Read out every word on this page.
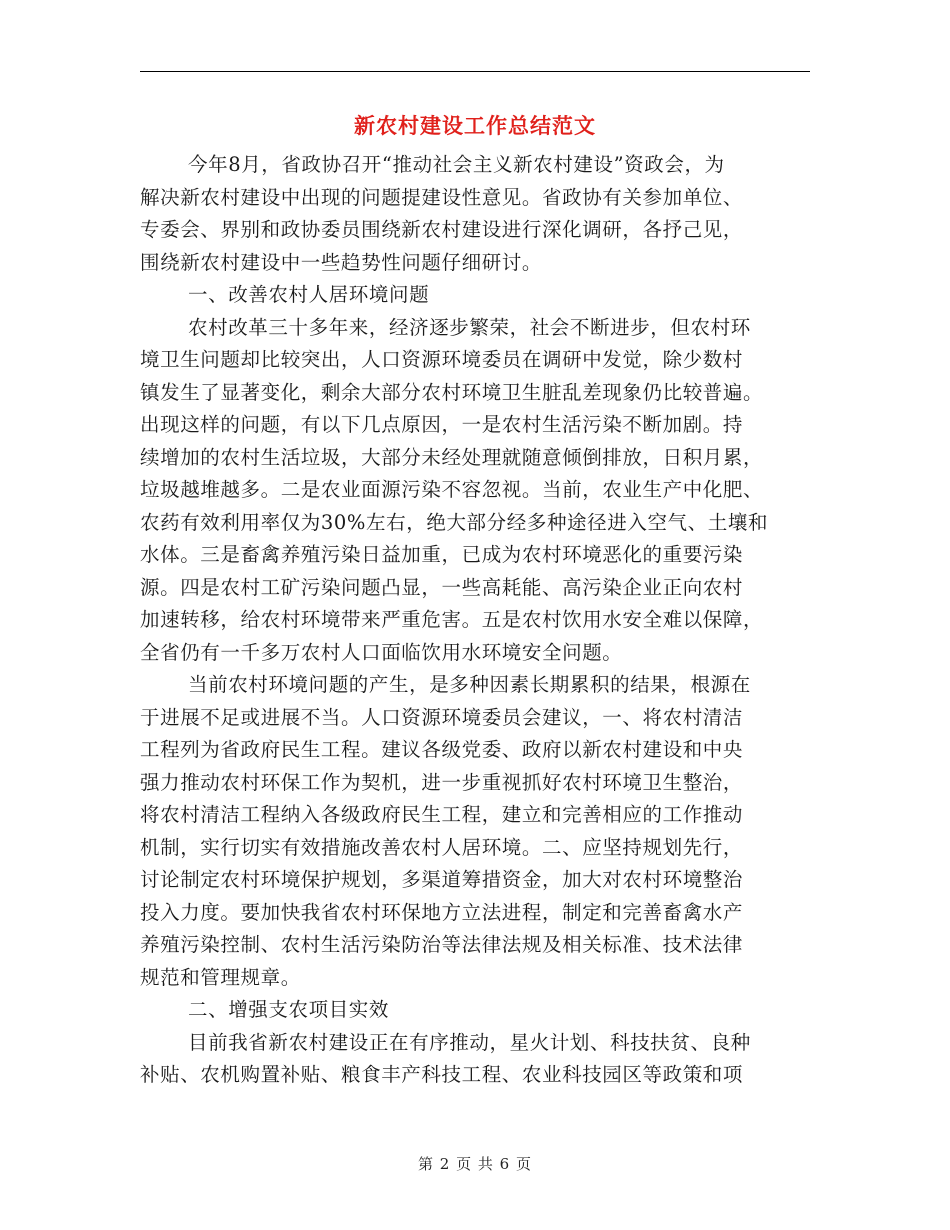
新农村建设工作总结范文
今年8月，省政协召开“推动社会主义新农村建设”资政会，为
解决新农村建设中出现的问题提建设性意见。省政协有关参加单位、
专委会、界别和政协委员围绕新农村建设进行深化调研，各抒己见，
围绕新农村建设中一些趋势性问题仔细研讨。
一、改善农村人居环境问题
农村改革三十多年来，经济逐步繁荣，社会不断进步，但农村环
境卫生问题却比较突出，人口资源环境委员在调研中发觉，除少数村
镇发生了显著变化，剩余大部分农村环境卫生脏乱差现象仍比较普遍。
出现这样的问题，有以下几点原因，一是农村生活污染不断加剧。持
续增加的农村生活垃圾，大部分未经处理就随意倾倒排放，日积月累，
垃圾越堆越多。二是农业面源污染不容忽视。当前，农业生产中化肥、
农药有效利用率仅为30%左右，绝大部分经多种途径进入空气、土壤和
水体。三是畜禽养殖污染日益加重，已成为农村环境恶化的重要污染
源。四是农村工矿污染问题凸显，一些高耗能、高污染企业正向农村
加速转移，给农村环境带来严重危害。五是农村饮用水安全难以保障，
全省仍有一千多万农村人口面临饮用水环境安全问题。
当前农村环境问题的产生，是多种因素长期累积的结果，根源在
于进展不足或进展不当。人口资源环境委员会建议，一、将农村清洁
工程列为省政府民生工程。建议各级党委、政府以新农村建设和中央
强力推动农村环保工作为契机，进一步重视抓好农村环境卫生整治，
将农村清洁工程纳入各级政府民生工程，建立和完善相应的工作推动
机制，实行切实有效措施改善农村人居环境。二、应坚持规划先行，
讨论制定农村环境保护规划，多渠道筹措资金，加大对农村环境整治
投入力度。要加快我省农村环保地方立法进程，制定和完善畜禽水产
养殖污染控制、农村生活污染防治等法律法规及相关标准、技术法律
规范和管理规章。
二、增强支农项目实效
目前我省新农村建设正在有序推动，星火计划、科技扶贫、良种
补贴、农机购置补贴、粮食丰产科技工程、农业科技园区等政策和项
第 2 页 共 6 页
